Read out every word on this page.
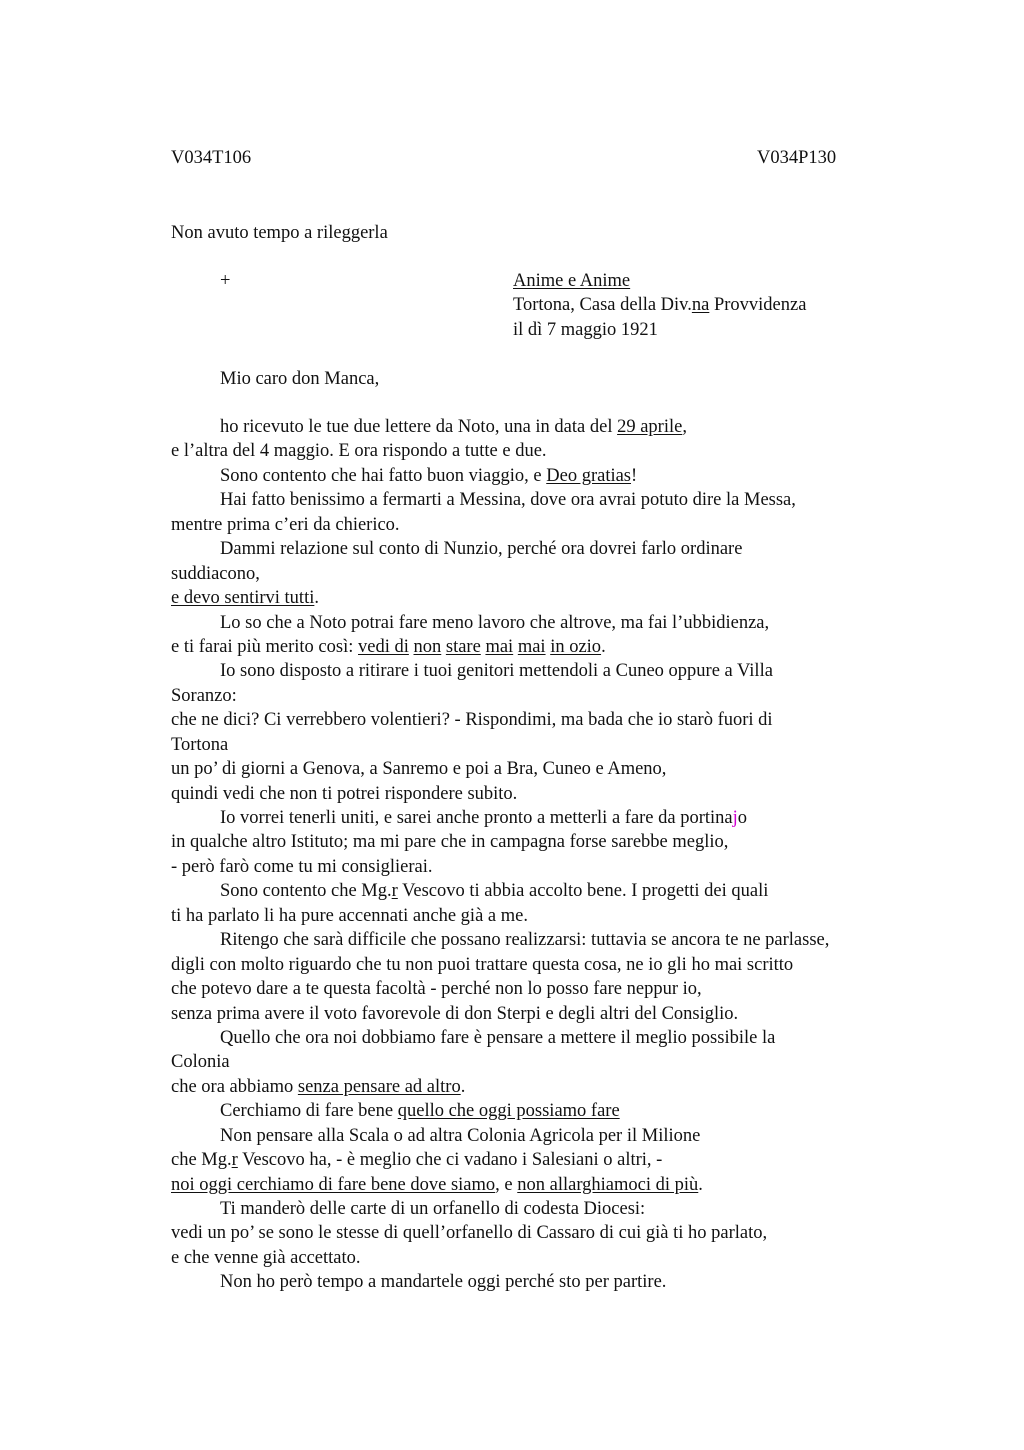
V034T106	V034P130
Non avuto tempo a rileggerla
+	Anime e Anime
Tortona, Casa della Div.na Provvidenza
il dì 7 maggio 1921
Mio caro don Manca,
ho ricevuto le tue due lettere da Noto, una in data del 29 aprile,
e l’altra del 4 maggio. E ora rispondo a tutte e due.
Sono contento che hai fatto buon viaggio, e Deo gratias!
Hai fatto benissimo a fermarti a Messina, dove ora avrai potuto dire la Messa,
mentre prima c’eri da chierico.
Dammi relazione sul conto di Nunzio, perché ora dovrei farlo ordinare
suddiacono,
e devo sentirvi tutti.
Lo so che a Noto potrai fare meno lavoro che altrove, ma fai l’ubbidienza,
e ti farai più merito così: vedi di non stare mai mai in ozio.
Io sono disposto a ritirare i tuoi genitori mettendoli a Cuneo oppure a Villa
Soranzo:
che ne dici? Ci verrebbero volentieri? - Rispondimi, ma bada che io starò fuori di
Tortona
un po’ di giorni a Genova, a Sanremo e poi a Bra, Cuneo e Ameno,
quindi vedi che non ti potrei rispondere subito.
Io vorrei tenerli uniti, e sarei anche pronto a metterli a fare da portinajo
in qualche altro Istituto; ma mi pare che in campagna forse sarebbe meglio,
- però farò come tu mi consiglierai.
Sono contento che Mg.r Vescovo ti abbia accolto bene. I progetti dei quali
ti ha parlato li ha pure accennati anche già a me.
Ritengo che sarà difficile che possano realizzarsi: tuttavia se ancora te ne parlasse,
digli con molto riguardo che tu non puoi trattare questa cosa, ne io gli ho mai scritto
che potevo dare a te questa facoltà - perché non lo posso fare neppur io,
senza prima avere il voto favorevole di don Sterpi e degli altri del Consiglio.
Quello che ora noi dobbiamo fare è pensare a mettere il meglio possibile la
Colonia
che ora abbiamo senza pensare ad altro.
Cerchiamo di fare bene quello che oggi possiamo fare
Non pensare alla Scala o ad altra Colonia Agricola per il Milione
che Mg.r Vescovo ha, - è meglio che ci vadano i Salesiani o altri, -
noi oggi cerchiamo di fare bene dove siamo, e non allarghiamoci di più.
Ti manderò delle carte di un orfanello di codesta Diocesi:
vedi un po’ se sono le stesse di quell’orfanello di Cassaro di cui già ti ho parlato,
e che venne già accettato.
Non ho però tempo a mandartele oggi perché sto per partire.
